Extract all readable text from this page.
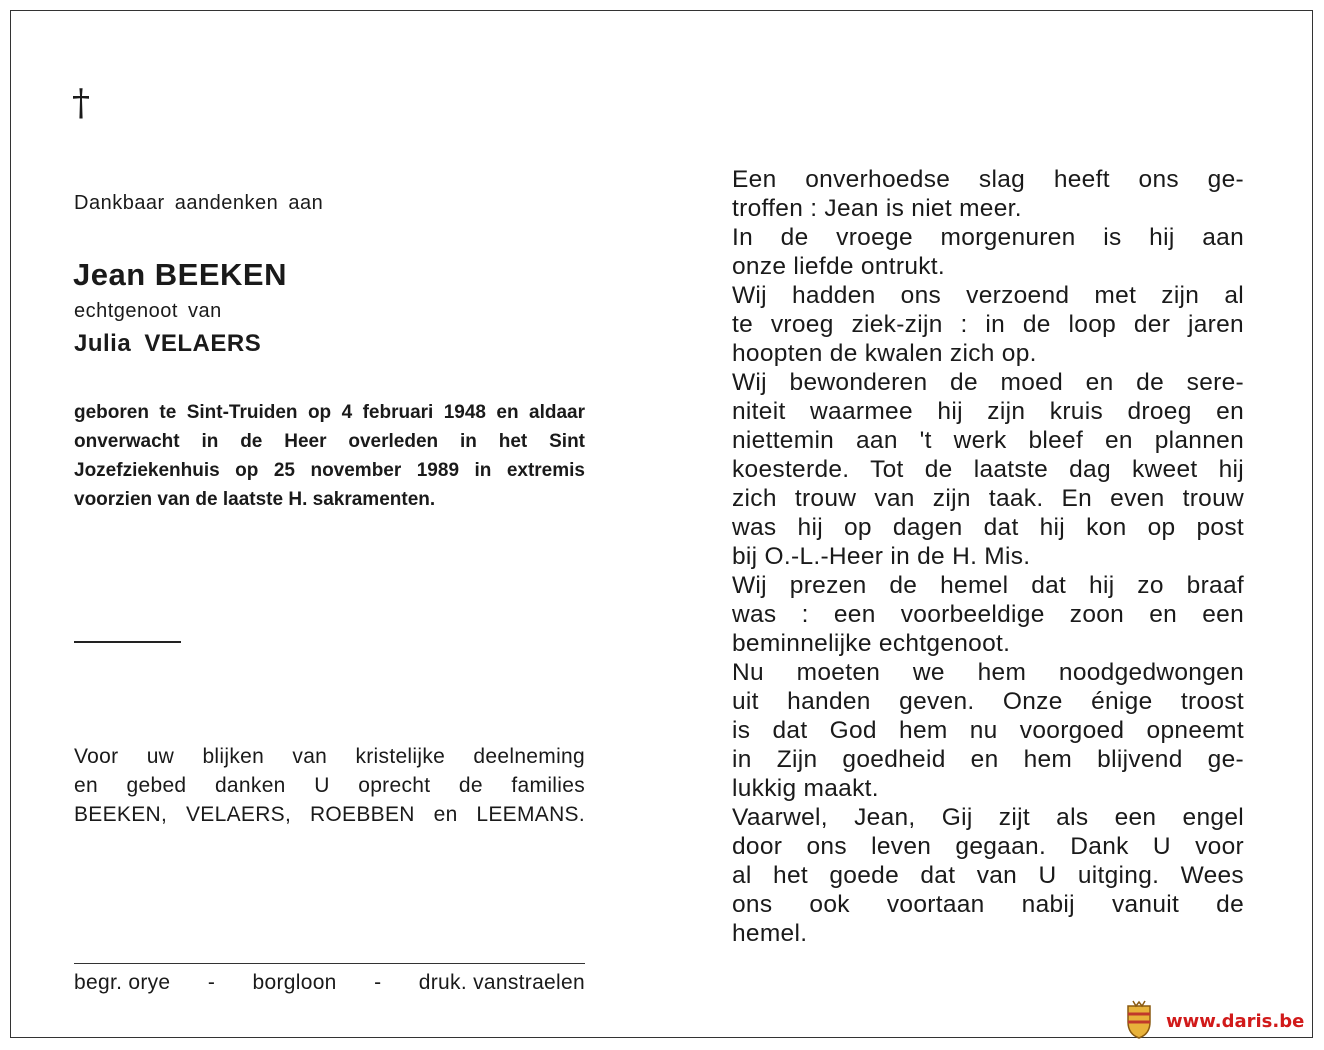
†
Dankbaar aandenken aan
Jean BEEKEN
echtgenoot van
Julia VELAERS
geboren te Sint-Truiden op 4 februari 1948 en aldaar onverwacht in de Heer overleden in het Sint Jozefziekenhuis op 25 november 1989 in extremis voorzien van de laatste H. sakramenten.
Voor uw blijken van kristelijke deelneming
en gebed danken U oprecht de families
BEEKEN, VELAERS, ROEBBEN en LEEMANS.
begr. orye - borgloon - druk. vanstraelen
Een onverhoedse slag heeft ons ge-
troffen : Jean is niet meer.
In de vroege morgenuren is hij aan
onze liefde ontrukt.
Wij hadden ons verzoend met zijn al
te vroeg ziek-zijn : in de loop der jaren
hoopten de kwalen zich op.
Wij bewonderen de moed en de sere-
niteit waarmee hij zijn kruis droeg en
niettemin aan 't werk bleef en plannen
koesterde. Tot de laatste dag kweet hij
zich trouw van zijn taak. En even trouw
was hij op dagen dat hij kon op post
bij O.-L.-Heer in de H. Mis.
Wij prezen de hemel dat hij zo braaf
was : een voorbeeldige zoon en een
beminnelijke echtgenoot.
Nu moeten we hem noodgedwongen
uit handen geven. Onze énige troost
is dat God hem nu voorgoed opneemt
in Zijn goedheid en hem blijvend ge-
lukkig maakt.
Vaarwel, Jean, Gij zijt als een engel
door ons leven gegaan. Dank U voor
al het goede dat van U uitging. Wees
ons ook voortaan nabij vanuit de
hemel.
www.daris.be
